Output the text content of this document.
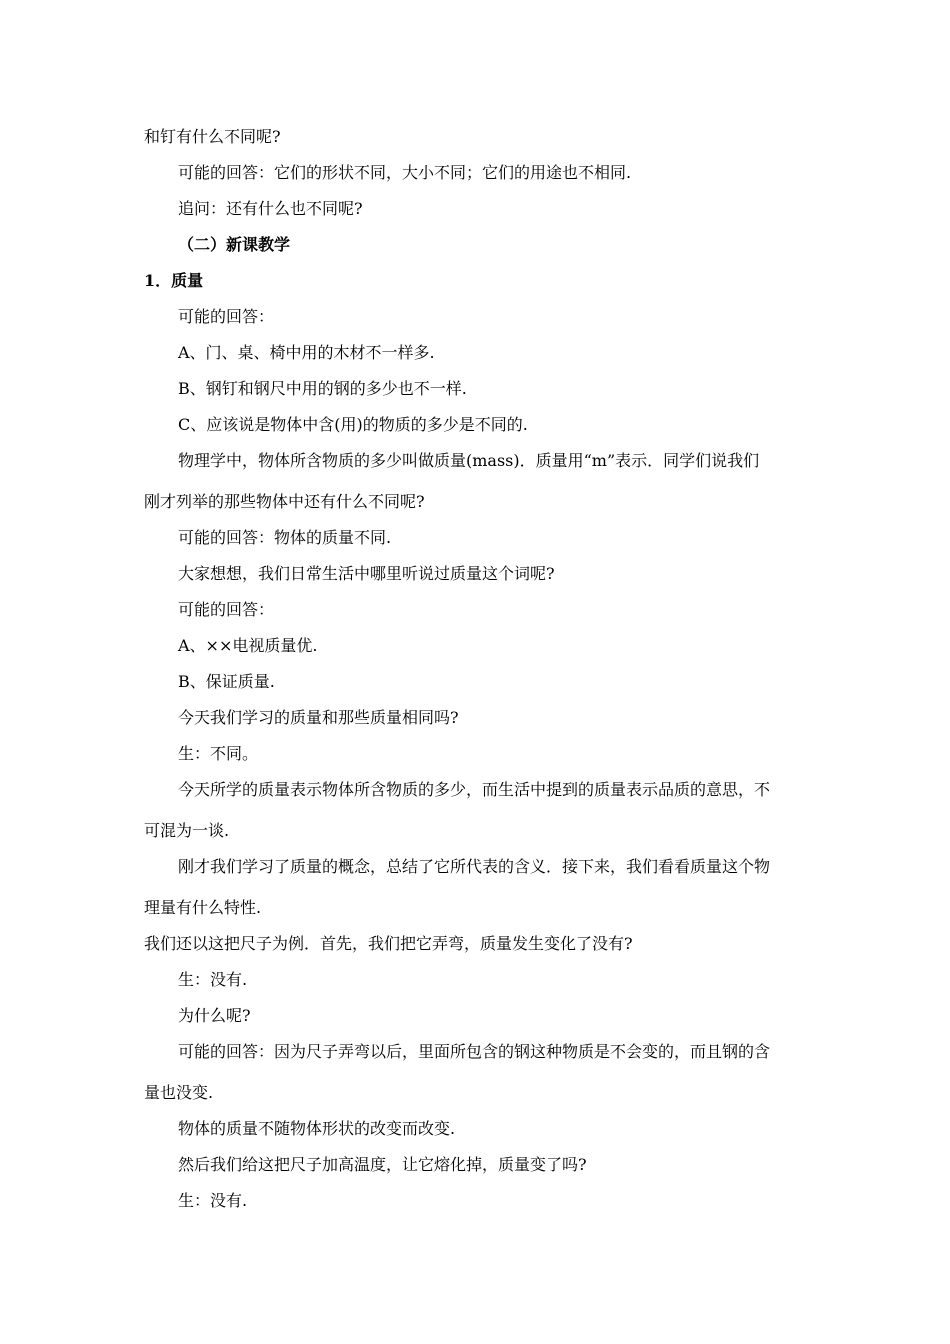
和钉有什么不同呢?
可能的回答：它们的形状不同，大小不同；它们的用途也不相同.
追问：还有什么也不同呢?
（二）新课教学
1．质量
可能的回答：
A、门、桌、椅中用的木材不一样多.
B、钢钉和钢尺中用的钢的多少也不一样.
C、应该说是物体中含(用)的物质的多少是不同的.
物理学中，物体所含物质的多少叫做质量(mass)．质量用“m”表示．同学们说我们
刚才列举的那些物体中还有什么不同呢?
可能的回答：物体的质量不同.
大家想想，我们日常生活中哪里听说过质量这个词呢?
可能的回答：
A、××电视质量优.
B、保证质量.
今天我们学习的质量和那些质量相同吗?
生：不同。
今天所学的质量表示物体所含物质的多少，而生活中提到的质量表示品质的意思，不
可混为一谈.
刚才我们学习了质量的概念，总结了它所代表的含义．接下来，我们看看质量这个物
理量有什么特性.
我们还以这把尺子为例．首先，我们把它弄弯，质量发生变化了没有?
生：没有.
为什么呢?
可能的回答：因为尺子弄弯以后，里面所包含的钢这种物质是不会变的，而且钢的含
量也没变.
物体的质量不随物体形状的改变而改变.
然后我们给这把尺子加高温度，让它熔化掉，质量变了吗?
生：没有.
